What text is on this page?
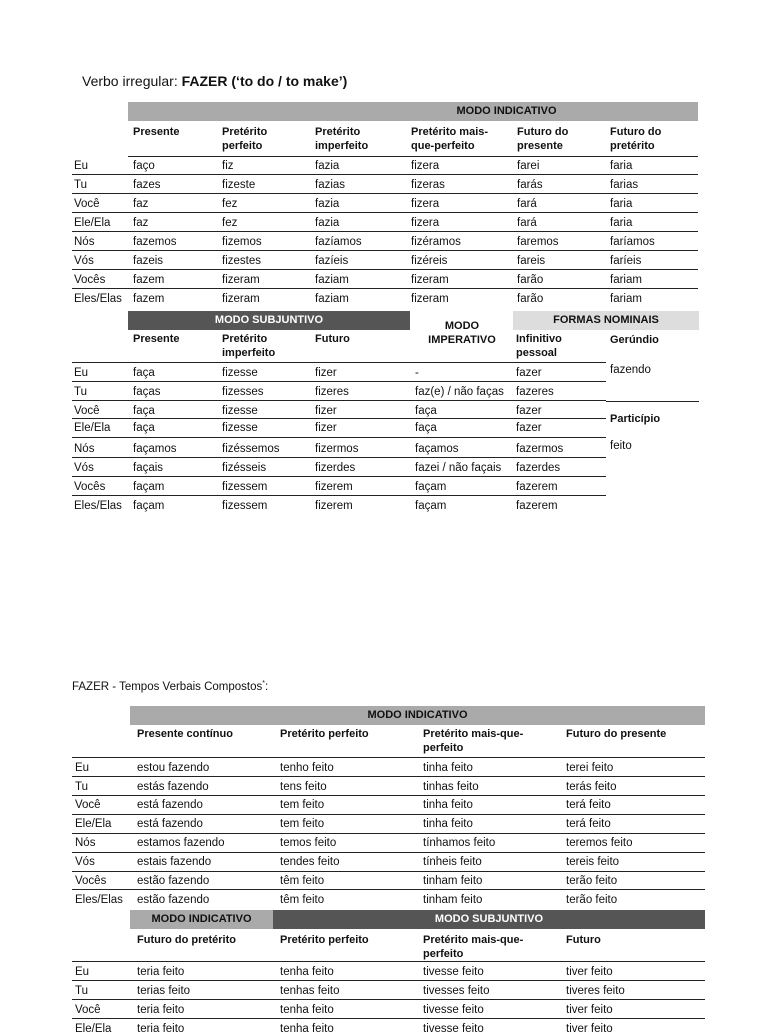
Verbo irregular: FAZER (‘to do / to make’)
MODO INDICATIVO
Presente	Pretérito
perfeito
Pretérito
imperfeito
Pretérito mais-
que-perfeito
Futuro do
presente
Futuro do
pretérito
Eu	faço	fiz	fazia	fizera	farei	faria
Tu	fazes	fizeste	fazias	fizeras	farás	farias
Você	faz	fez	fazia	fizera	fará	faria
Ele/Ela faz	fez	fazia	fizera	fará	faria
Nós	fazemos	fizemos	fazíamos	fizéramos	faremos	faríamos
Vós	fazeis	fizestes	fazíeis	fizéreis	fareis	faríeis
Vocês fazem	fizeram	faziam	fizeram	farão	fariam
Eles/Elas fazem	fizeram	faziam	fizeram	farão	fariam
MODO SUBJUNTIVO	MODO
IMPERATIVO
FORMAS NOMINAIS
Presente	Pretérito
imperfeito
Futuro	Infinitivo
pessoal
Eu	faça	fizesse	fizer	-	fazer
Tu	faças	fizesses	fizeres	faz(e) / não faças fazeres
Você	faça	fizesse	fizer	faça	fazer
Ele/Ela faça	fizesse	fizer	faça	fazer
Nós	façamos	fizéssemos	fizermos	façamos	fazermos
Vós	façais	fizésseis	fizerdes	fazei / não façais fazerdes
Vocês façam	fizessem	fizerem	façam	fazerem
Eles/Elas façam	fizessem	fizerem	façam	fazerem
Gerúndio
fazendo
Particípio
feito
FAZER - Tempos Verbais Compostos*:
MODO INDICATIVO
Presente contínuo	Pretérito perfeito	Pretérito mais-que-
perfeito
Futuro do presente
Eu	estou fazendo	tenho feito	tinha feito	terei feito
Tu	estás fazendo	tens feito	tinhas feito	terás feito
Você	está fazendo	tem feito	tinha feito	terá feito
Ele/Ela está fazendo	tem feito	tinha feito	terá feito
Nós	estamos fazendo	temos feito	tínhamos feito	teremos feito
Vós	estais fazendo	tendes feito	tínheis feito	tereis feito
Vocês	estão fazendo	têm feito	tinham feito	terão feito
Eles/Elas estão fazendo	têm feito	tinham feito	terão feito
MODO INDICATIVO	MODO SUBJUNTIVO
Futuro do pretérito	Pretérito perfeito	Pretérito mais-que-
perfeito
Futuro
Eu	teria feito	tenha feito	tivesse feito	tiver feito
Tu	terias feito	tenhas feito	tivesses feito	tiveres feito
Você	teria feito	tenha feito	tivesse feito	tiver feito
Ele/Ela teria feito	tenha feito	tivesse feito	tiver feito
